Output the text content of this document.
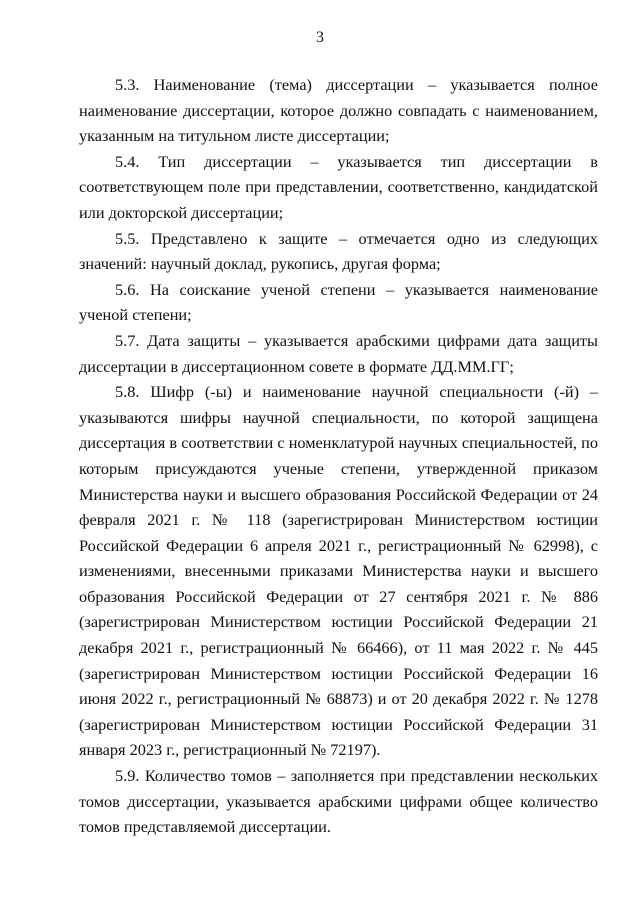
3

5.3. Наименование (тема) диссертации – указывается полное наименование диссертации, которое должно совпадать с наименованием, указанным на титульном листе диссертации;

5.4. Тип диссертации – указывается тип диссертации в соответствующем поле при представлении, соответственно, кандидатской или докторской диссертации;

5.5. Представлено к защите – отмечается одно из следующих значений: научный доклад, рукопись, другая форма;

5.6. На соискание ученой степени – указывается наименование ученой степени;

5.7. Дата защиты – указывается арабскими цифрами дата защиты диссертации в диссертационном совете в формате ДД.ММ.ГГ;

5.8. Шифр (-ы) и наименование научной специальности (-й) – указываются шифры научной специальности, по которой защищена диссертация в соответствии с номенклатурой научных специальностей, по которым присуждаются ученые степени, утвержденной приказом Министерства науки и высшего образования Российской Федерации от 24 февраля 2021 г. № 118 (зарегистрирован Министерством юстиции Российской Федерации 6 апреля 2021 г., регистрационный № 62998), с изменениями, внесенными приказами Министерства науки и высшего образования Российской Федерации от 27 сентября 2021 г. № 886 (зарегистрирован Министерством юстиции Российской Федерации 21 декабря 2021 г., регистрационный № 66466), от 11 мая 2022 г. № 445 (зарегистрирован Министерством юстиции Российской Федерации 16 июня 2022 г., регистрационный № 68873) и от 20 декабря 2022 г. № 1278 (зарегистрирован Министерством юстиции Российской Федерации 31 января 2023 г., регистрационный № 72197).

5.9. Количество томов – заполняется при представлении нескольких томов диссертации, указывается арабскими цифрами общее количество томов представляемой диссертации.
